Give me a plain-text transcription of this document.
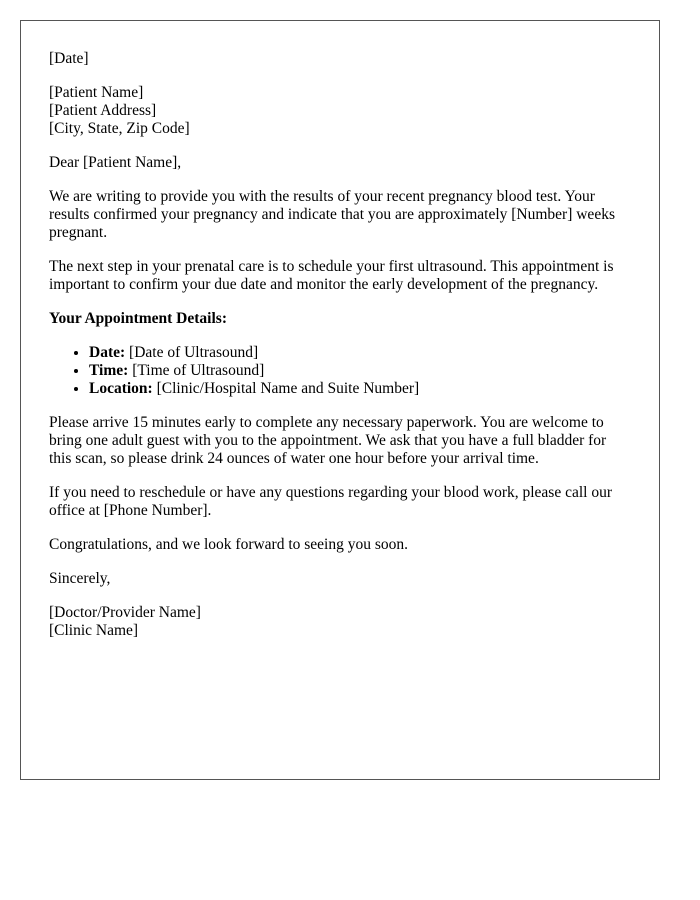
[Date]
[Patient Name]
[Patient Address]
[City, State, Zip Code]
Dear [Patient Name],

We are writing to provide you with the results of your recent pregnancy blood test. Your results confirmed your pregnancy and indicate that you are approximately [Number] weeks pregnant.

The next step in your prenatal care is to schedule your first ultrasound. This appointment is important to confirm your due date and monitor the early development of the pregnancy.

Your Appointment Details:
• Date: [Date of Ultrasound]
• Time: [Time of Ultrasound]
• Location: [Clinic/Hospital Name and Suite Number]

Please arrive 15 minutes early to complete any necessary paperwork. You are welcome to bring one adult guest with you to the appointment. We ask that you have a full bladder for this scan, so please drink 24 ounces of water one hour before your arrival time.

If you need to reschedule or have any questions regarding your blood work, please call our office at [Phone Number].

Congratulations, and we look forward to seeing you soon.

Sincerely,
[Doctor/Provider Name]
[Clinic Name]
